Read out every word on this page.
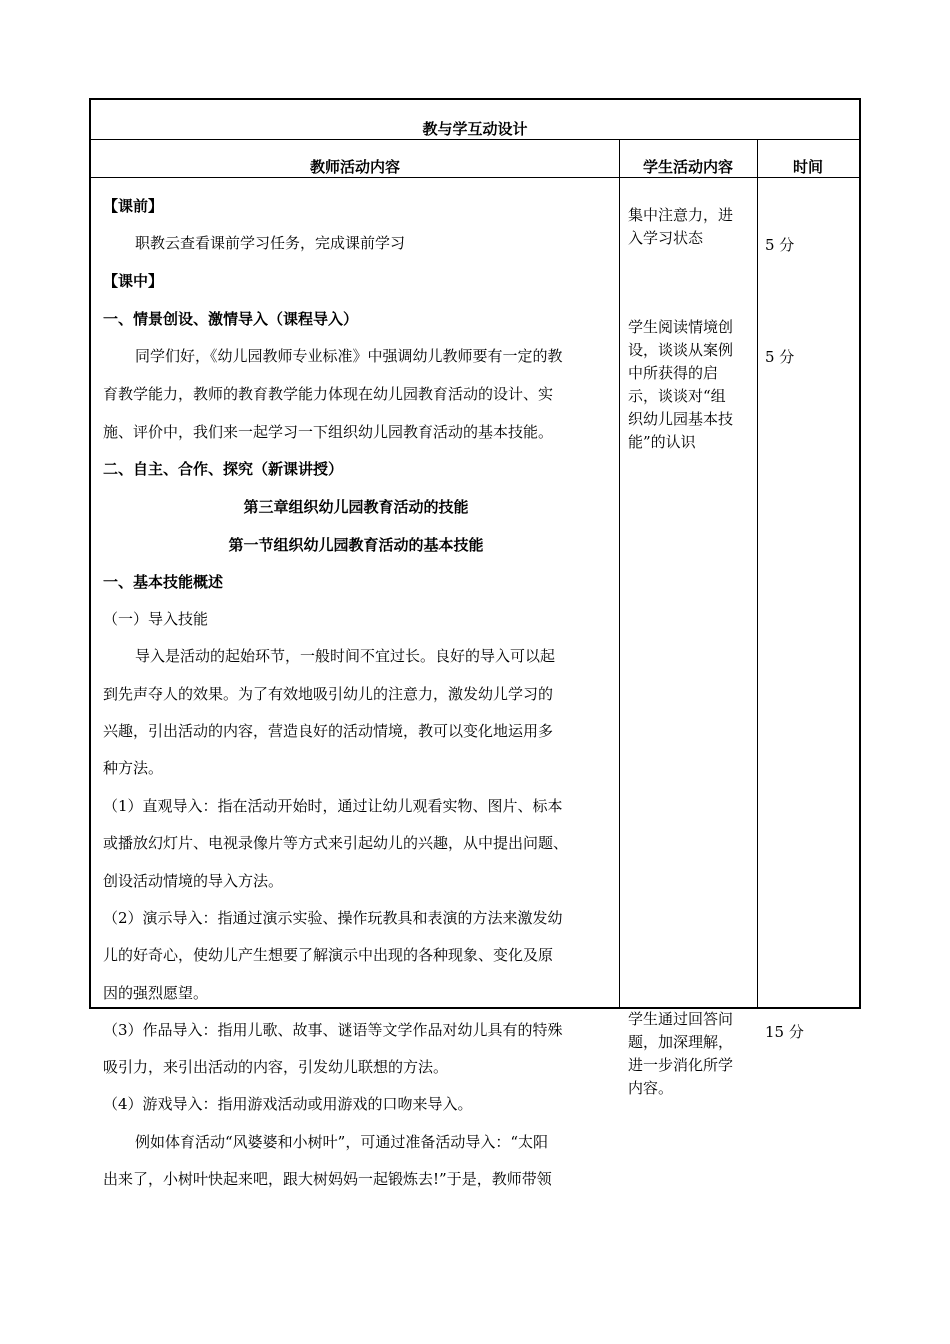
教与学互动设计
教师活动内容	学生活动内容	时间
【课前】
职教云查看课前学习任务，完成课前学习
【课中】
一、情景创设、激情导入（课程导入）
同学们好，《幼儿园教师专业标准》中强调幼儿教师要有一定的教
育教学能力，教师的教育教学能力体现在幼儿园教育活动的设计、实
施、评价中，我们来一起学习一下组织幼儿园教育活动的基本技能。
二、自主、合作、探究（新课讲授）
第三章组织幼儿园教育活动的技能
第一节组织幼儿园教育活动的基本技能
一、基本技能概述
（一）导入技能
导入是活动的起始环节，一般时间不宜过长。良好的导入可以起
到先声夺人的效果。为了有效地吸引幼儿的注意力，激发幼儿学习的
兴趣，引出活动的内容，营造良好的活动情境，教可以变化地运用多
种方法。
（1）直观导入：指在活动开始时，通过让幼儿观看实物、图片、标本
或播放幻灯片、电视录像片等方式来引起幼儿的兴趣，从中提出问题、
创设活动情境的导入方法。
（2）演示导入：指通过演示实验、操作玩教具和表演的方法来激发幼
儿的好奇心，使幼儿产生想要了解演示中出现的各种现象、变化及原
因的强烈愿望。
（3）作品导入：指用儿歌、故事、谜语等文学作品对幼儿具有的特殊
吸引力，来引出活动的内容，引发幼儿联想的方法。
（4）游戏导入：指用游戏活动或用游戏的口吻来导入。
例如体育活动“风婆婆和小树叶”，可通过准备活动导入：“太阳
出来了，小树叶快起来吧，跟大树妈妈一起锻炼去!”于是，教师带领
集中注意力，进
入学习状态
学生阅读情境创
设，谈谈从案例
中所获得的启
示，谈谈对“组
织幼儿园基本技
能”的认识
学生通过回答问
题，加深理解，
进一步消化所学
内容。
5 分
5 分
15 分
